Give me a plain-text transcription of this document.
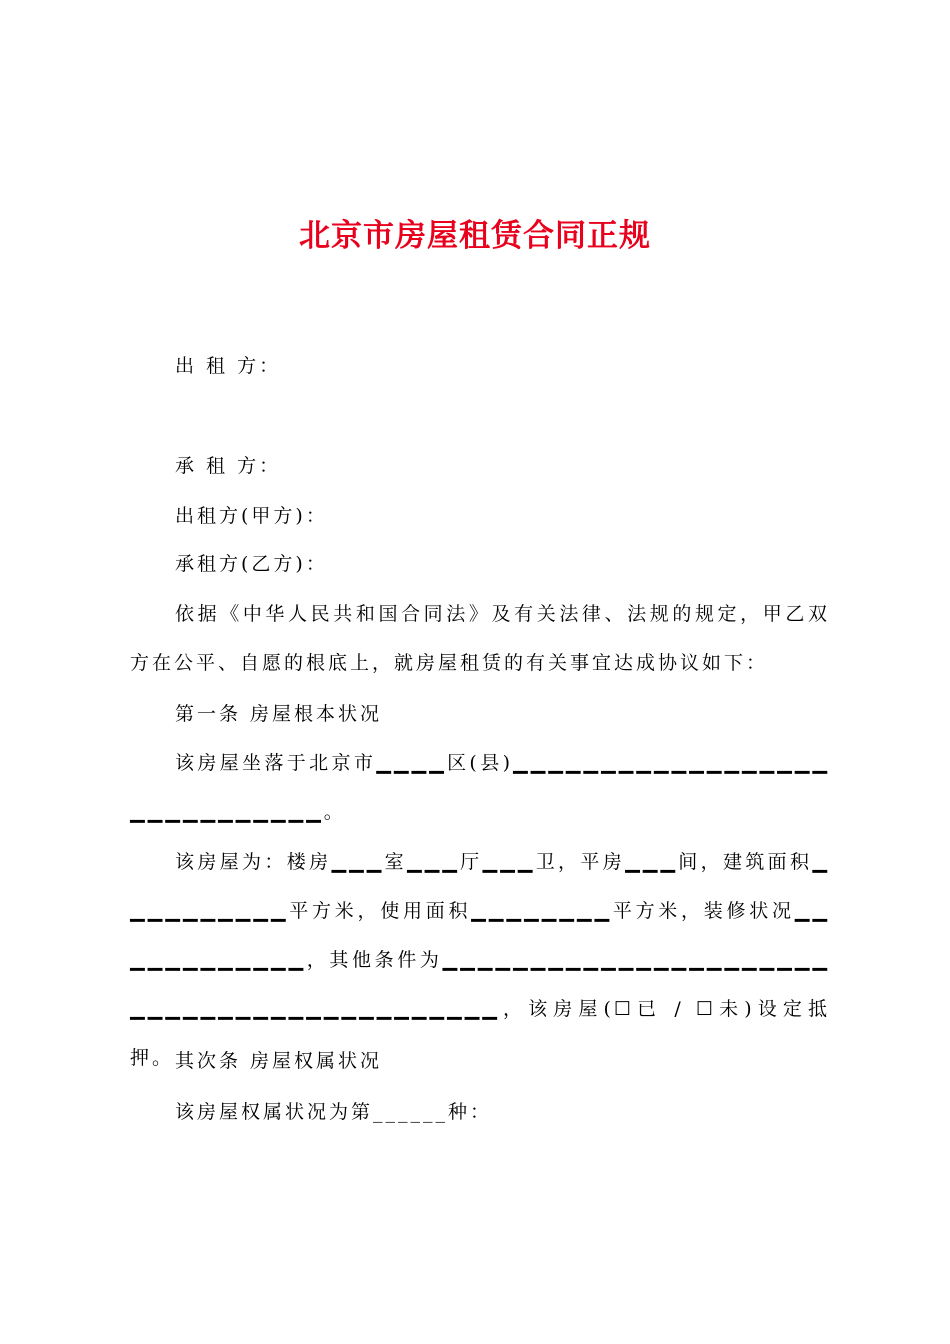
北京市房屋租赁合同正规

出 租 方：

承 租 方：

出租方(甲方)：

承租方(乙方)：

依据《中华人民共和国合同法》及有关法律、法规的规定，甲乙双方在公平、自愿的根底上，就房屋租赁的有关事宜达成协议如下：

第一条 房屋根本状况

该房屋坐落于北京市▁▁▁▁区(县)▁▁▁▁▁▁▁▁▁▁▁▁▁▁▁▁▁▁▁▁▁▁▁▁▁▁▁▁▁。

该房屋为：楼房▁▁▁室▁▁▁厅▁▁▁卫，平房▁▁▁间，建筑面积▁▁▁▁▁▁▁▁▁▁平方米，使用面积▁▁▁▁▁▁▁▁平方米，装修状况▁▁▁▁▁▁▁▁▁▁▁▁，其他条件为▁▁▁▁▁▁▁▁▁▁▁▁▁▁▁▁▁▁▁▁▁▁▁▁▁▁▁▁▁▁▁▁▁▁▁▁▁▁▁▁▁▁▁，该房屋(☐已 / ☐未)设定抵押。 其次条 房屋权属状况

该房屋权属状况为第______种：
